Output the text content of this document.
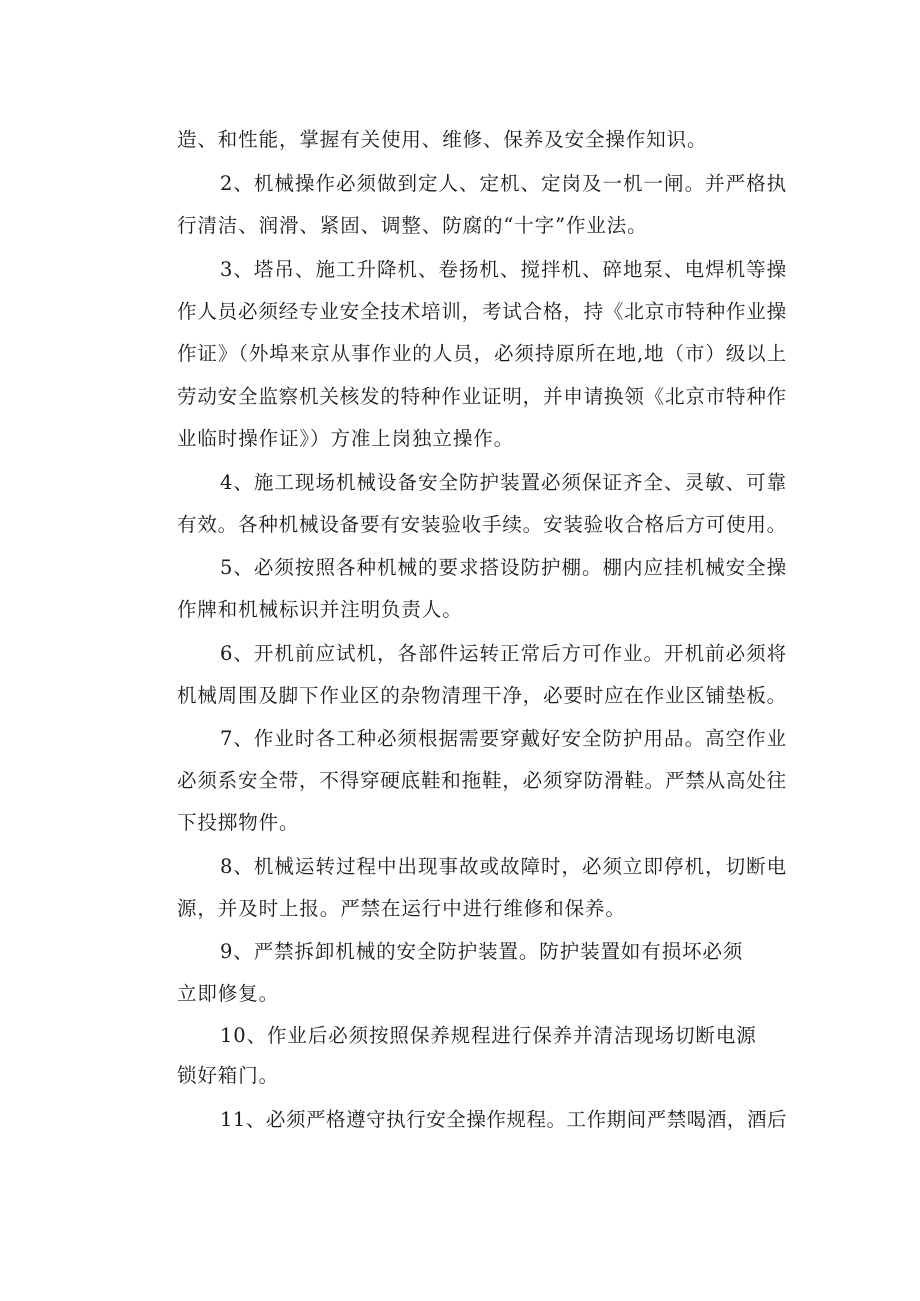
造、和性能，掌握有关使用、维修、保养及安全操作知识。
2、机械操作必须做到定人、定机、定岗及一机一闸。并严格执
行清洁、润滑、紧固、调整、防腐的“十字”作业法。
3、塔吊、施工升降机、卷扬机、搅拌机、碎地泵、电焊机等操
作人员必须经专业安全技术培训，考试合格，持《北京市特种作业操
作证》（外埠来京从事作业的人员，必须持原所在地,地（市）级以上
劳动安全监察机关核发的特种作业证明，并申请换领《北京市特种作
业临时操作证》）方准上岗独立操作。
4、施工现场机械设备安全防护装置必须保证齐全、灵敏、可靠
有效。各种机械设备要有安装验收手续。安装验收合格后方可使用。
5、必须按照各种机械的要求搭设防护棚。棚内应挂机械安全操
作牌和机械标识并注明负责人。
6、开机前应试机，各部件运转正常后方可作业。开机前必须将
机械周围及脚下作业区的杂物清理干净，必要时应在作业区铺垫板。
7、作业时各工种必须根据需要穿戴好安全防护用品。高空作业
必须系安全带，不得穿硬底鞋和拖鞋，必须穿防滑鞋。严禁从高处往
下投掷物件。
8、机械运转过程中出现事故或故障时，必须立即停机，切断电
源，并及时上报。严禁在运行中进行维修和保养。
9、严禁拆卸机械的安全防护装置。防护装置如有损坏必须
立即修复。
10、作业后必须按照保养规程进行保养并清洁现场切断电源
锁好箱门。
11、必须严格遵守执行安全操作规程。工作期间严禁喝酒，酒后
